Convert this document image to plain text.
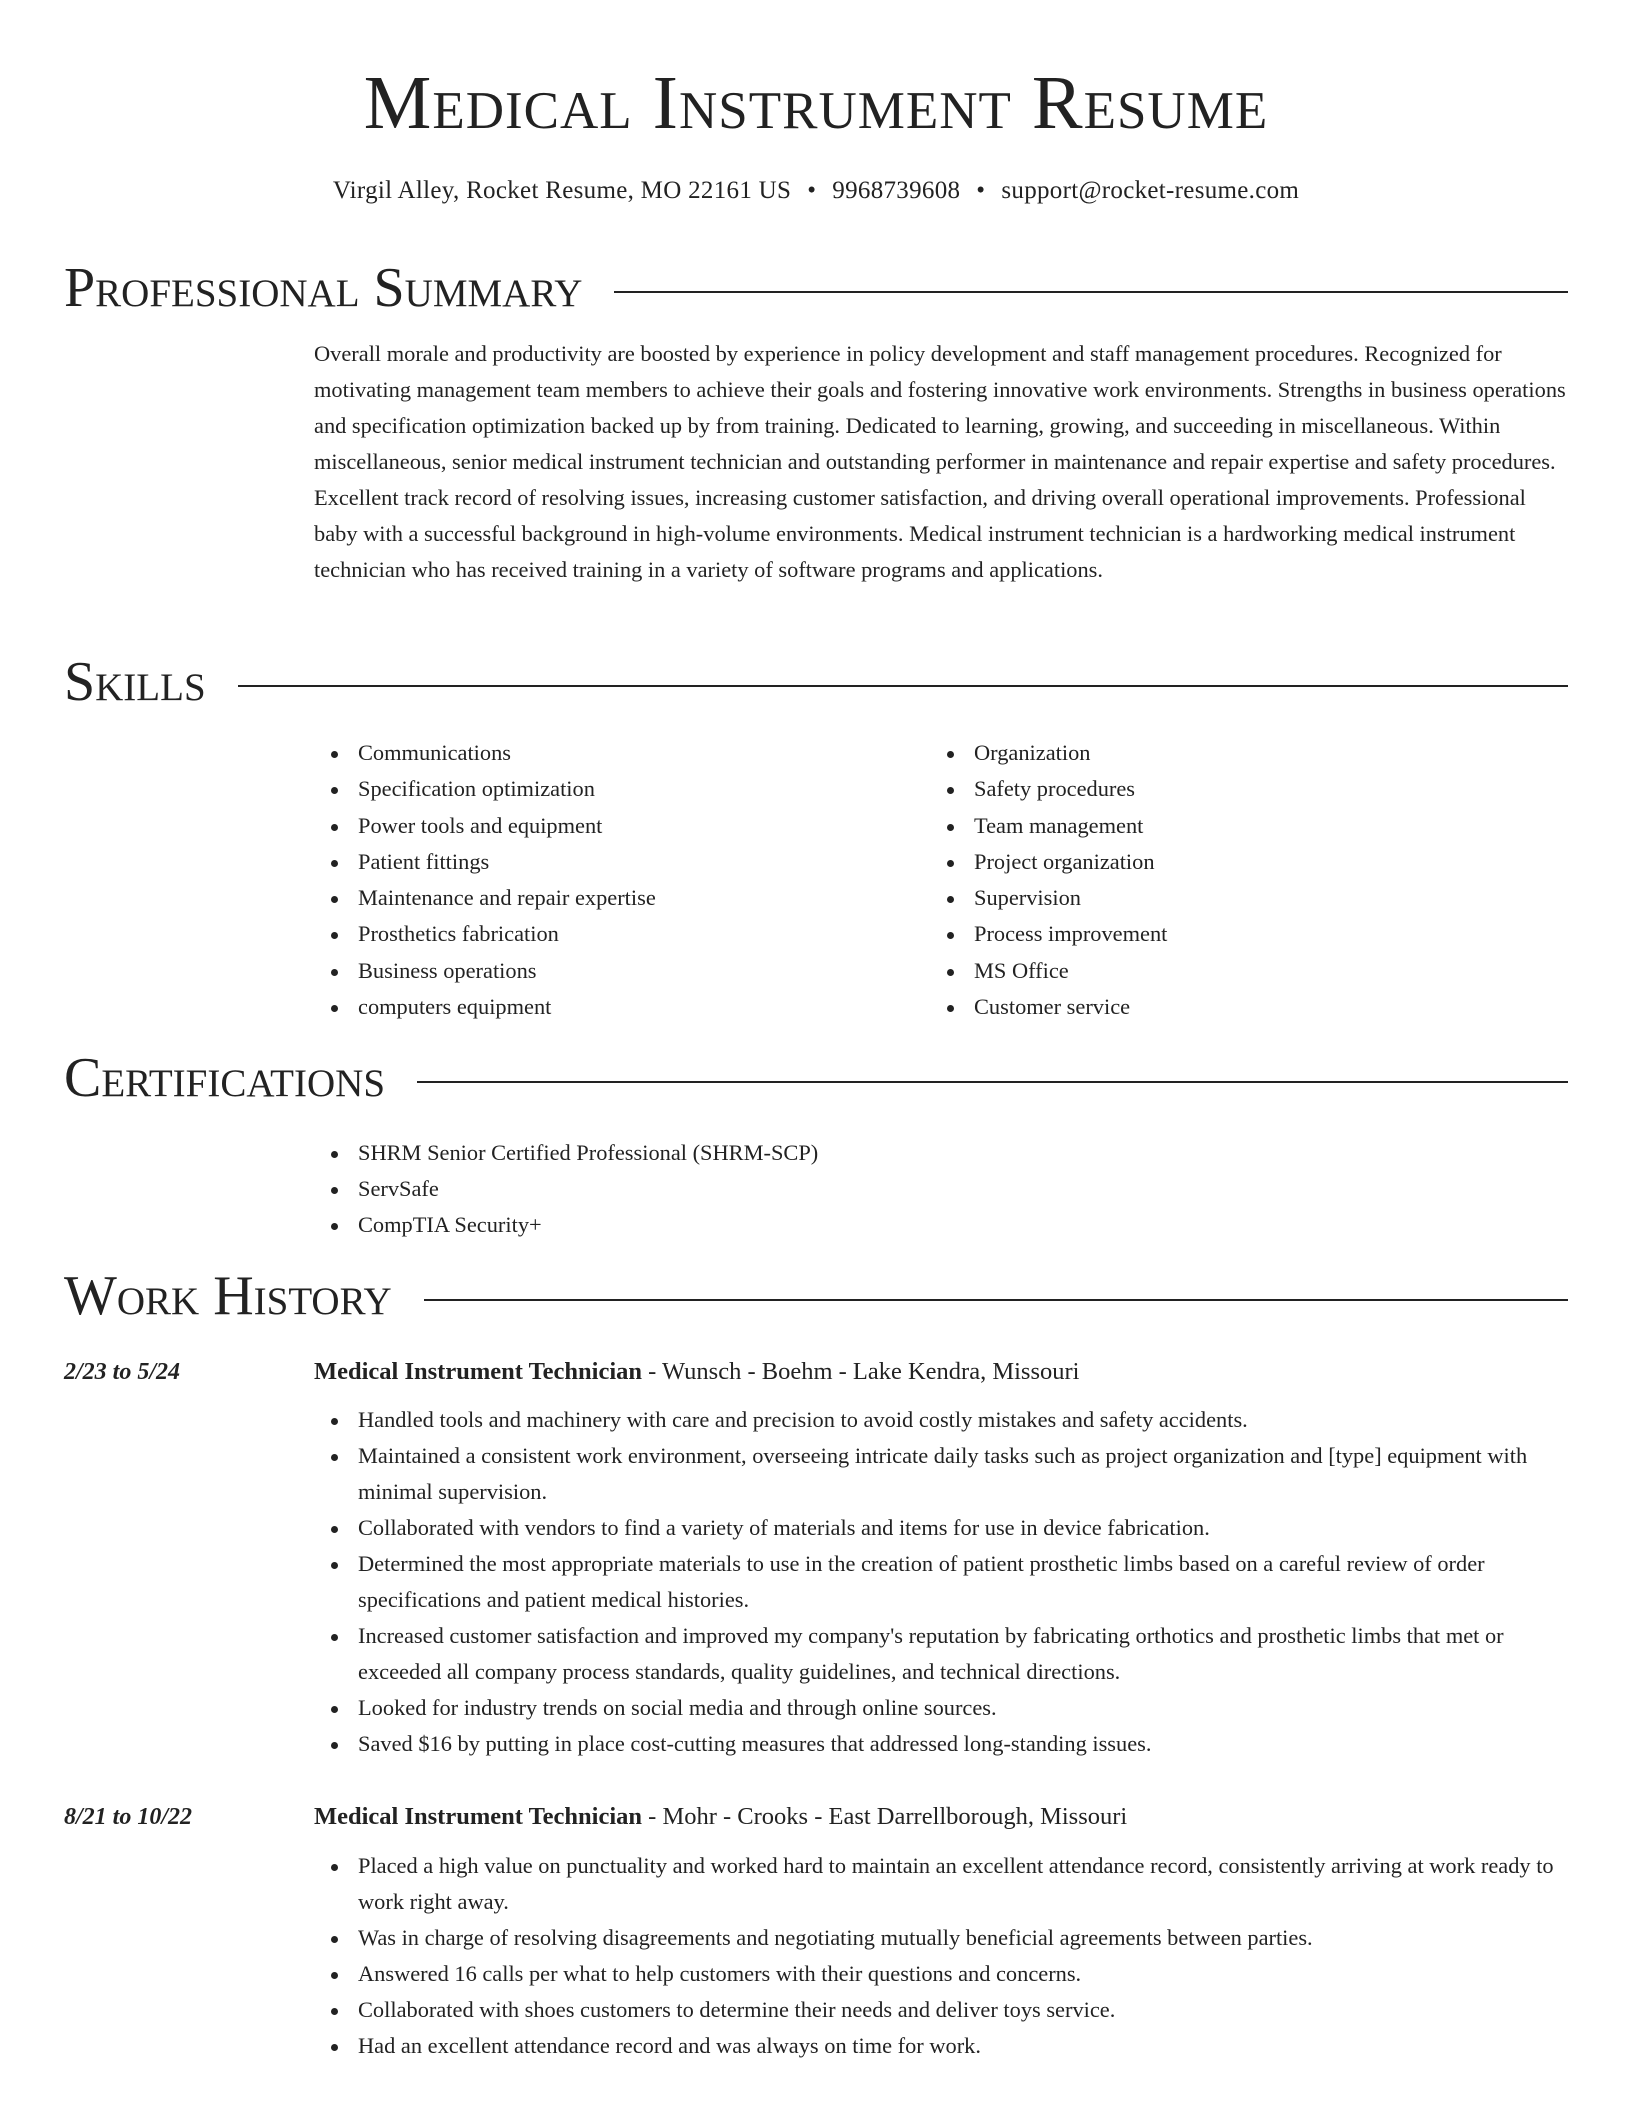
Medical Instrument Resume
Virgil Alley, Rocket Resume, MO 22161 US • 9968739608 • support@rocket-resume.com
Professional Summary

Overall morale and productivity are boosted by experience in policy development and staff management procedures. Recognized for motivating management team members to achieve their goals and fostering innovative work environments. Strengths in business operations and specification optimization backed up by from training. Dedicated to learning, growing, and succeeding in miscellaneous. Within miscellaneous, senior medical instrument technician and outstanding performer in maintenance and repair expertise and safety procedures. Excellent track record of resolving issues, increasing customer satisfaction, and driving overall operational improvements. Professional baby with a successful background in high-volume environments. Medical instrument technician is a hardworking medical instrument technician who has received training in a variety of software programs and applications.

Skills
Communications
Specification optimization
Power tools and equipment
Patient fittings
Maintenance and repair expertise
Prosthetics fabrication
Business operations
computers equipment
Organization
Safety procedures
Team management
Project organization
Supervision
Process improvement
MS Office
Customer service
Certifications
SHRM Senior Certified Professional (SHRM-SCP)
ServSafe
CompTIA Security+
Work History
2/23 to 5/24	Medical Instrument Technician - Wunsch - Boehm - Lake Kendra, Missouri
Handled tools and machinery with care and precision to avoid costly mistakes and safety accidents.
Maintained a consistent work environment, overseeing intricate daily tasks such as project organization and [type] equipment with minimal supervision.
Collaborated with vendors to find a variety of materials and items for use in device fabrication.
Determined the most appropriate materials to use in the creation of patient prosthetic limbs based on a careful review of order specifications and patient medical histories.
Increased customer satisfaction and improved my company's reputation by fabricating orthotics and prosthetic limbs that met or exceeded all company process standards, quality guidelines, and technical directions.
Looked for industry trends on social media and through online sources.
Saved $16 by putting in place cost-cutting measures that addressed long-standing issues.
8/21 to 10/22	Medical Instrument Technician - Mohr - Crooks - East Darrellborough, Missouri
Placed a high value on punctuality and worked hard to maintain an excellent attendance record, consistently arriving at work ready to work right away.
Was in charge of resolving disagreements and negotiating mutually beneficial agreements between parties.
Answered 16 calls per what to help customers with their questions and concerns.
Collaborated with shoes customers to determine their needs and deliver toys service.
Had an excellent attendance record and was always on time for work.
